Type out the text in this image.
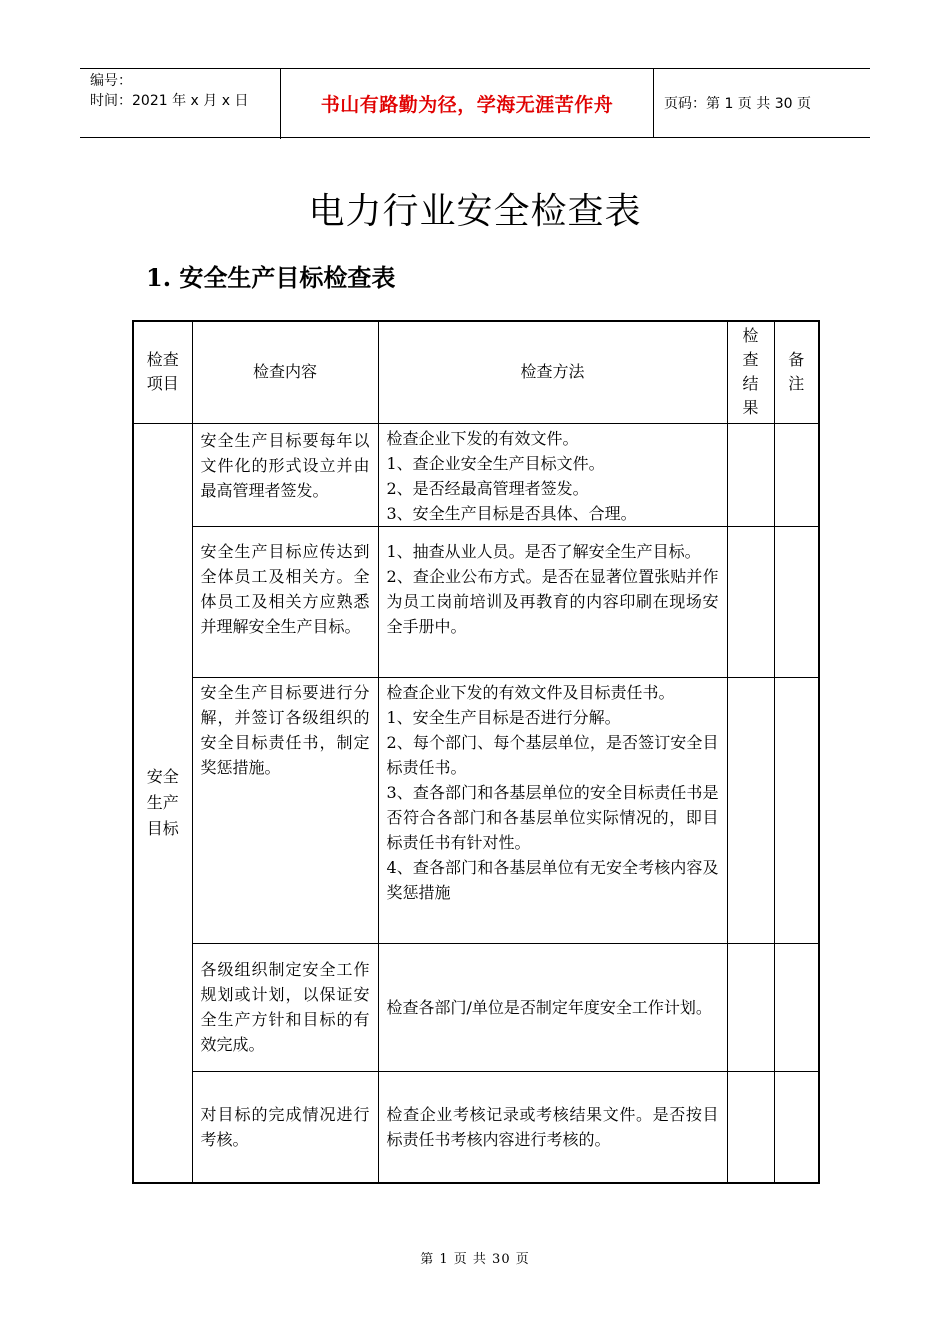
编号：
时间：2021 年 x 月 x 日	书山有路勤为径，学海无涯苦作舟	页码：第 1 页 共 30 页
电力行业安全检查表
1. 安全生产目标检查表
检查项目	检查内容	检查方法	检查结果	备注

安全生产目标	安全生产目标要每年以文件化的形式设立并由最高管理者签发。	检查企业下发的有效文件。
1、查企业安全生产目标文件。
2、是否经最高管理者签发。
3、安全生产目标是否具体、合理。		

	安全生产目标应传达到全体员工及相关方。全体员工及相关方应熟悉并理解安全生产目标。	1、抽查从业人员。是否了解安全生产目标。
2、查企业公布方式。是否在显著位置张贴并作为员工岗前培训及再教育的内容印刷在现场安全手册中。		

	安全生产目标要进行分解，并签订各级组织的安全目标责任书，制定奖惩措施。	检查企业下发的有效文件及目标责任书。
1、安全生产目标是否进行分解。
2、每个部门、每个基层单位，是否签订安全目标责任书。
3、查各部门和各基层单位的安全目标责任书是否符合各部门和各基层单位实际情况的，即目标责任书有针对性。
4、查各部门和各基层单位有无安全考核内容及奖惩措施		

	各级组织制定安全工作规划或计划，以保证安全生产方针和目标的有效完成。	检查各部门/单位是否制定年度安全工作计划。		

	对目标的完成情况进行考核。	检查企业考核记录或考核结果文件。是否按目标责任书考核内容进行考核的。		

第 1 页 共 30 页
